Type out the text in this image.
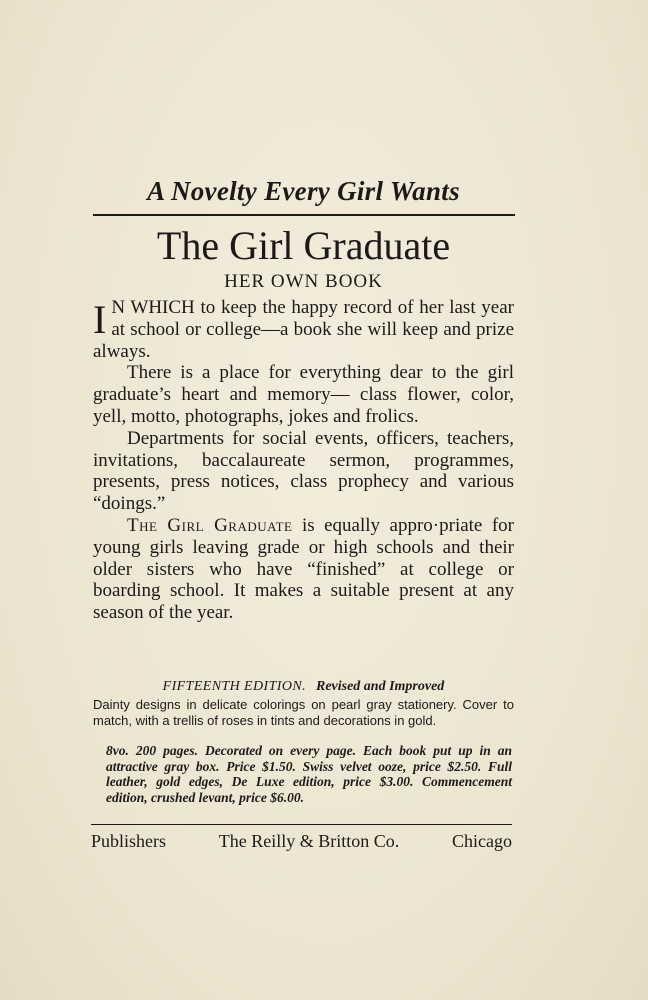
A Novelty Every Girl Wants
The Girl Graduate
HER OWN BOOK

I N WHICH to keep the happy record of her last year at school or college—a book she will keep and prize always.

There is a place for everything dear to the girl graduate’s heart and memory— class flower, color, yell, motto, photographs, jokes and frolics.

Departments for social events, officers, teachers, invitations, baccalaureate sermon, programmes, presents, press notices, class prophecy and various “doings.”

The Girl Graduate is equally appro·priate for young girls leaving grade or high schools and their older sisters who have “finished” at college or boarding school. It makes a suitable present at any season of the year.

FIFTEENTH EDITION. Revised and Improved
Dainty designs in delicate colorings on pearl gray stationery. Cover to match, with a trellis of roses in tints and decorations in gold.
8vo. 200 pages. Decorated on every page. Each book put up in an attractive gray box. Price $1.50. Swiss velvet ooze, price $2.50. Full leather, gold edges, De Luxe edition, price $3.00. Commencement edition, crushed levant, price $6.00.
Publishers	The Reilly & Britton Co.	Chicago
